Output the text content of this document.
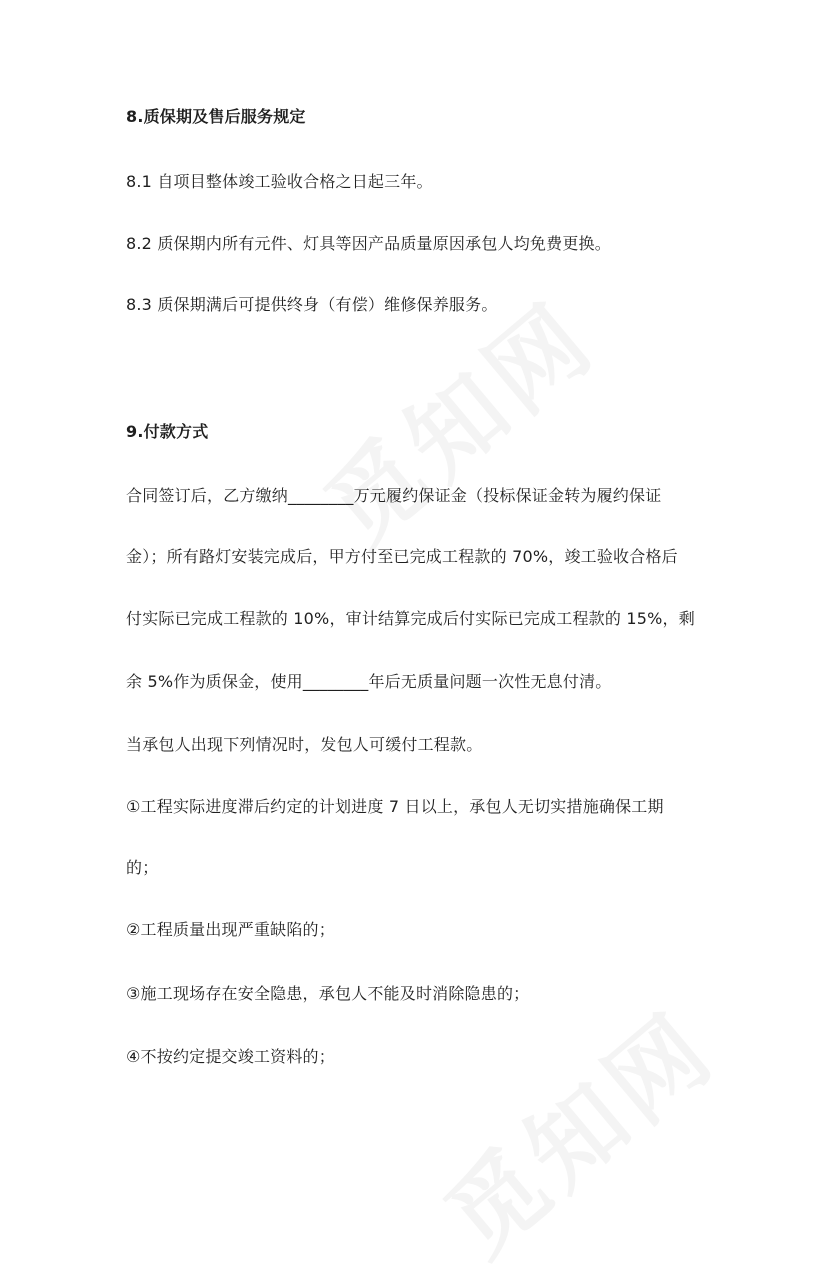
8.质保期及售后服务规定
8.1 自项目整体竣工验收合格之日起三年。
8.2 质保期内所有元件、灯具等因产品质量原因承包人均免费更换。
8.3 质保期满后可提供终身（有偿）维修保养服务。
9.付款方式
合同签订后，乙方缴纳________万元履约保证金（投标保证金转为履约保证
金）；所有路灯安装完成后，甲方付至已完成工程款的 70%，竣工验收合格后
付实际已完成工程款的 10%，审计结算完成后付实际已完成工程款的 15%，剩
余 5%作为质保金，使用________年后无质量问题一次性无息付清。
当承包人出现下列情况时，发包人可缓付工程款。
①工程实际进度滞后约定的计划进度 7 日以上，承包人无切实措施确保工期
的；
②工程质量出现严重缺陷的；
③施工现场存在安全隐患，承包人不能及时消除隐患的；
④不按约定提交竣工资料的；
